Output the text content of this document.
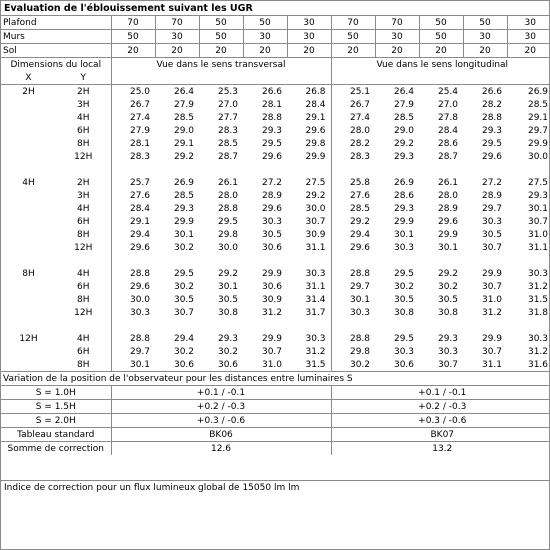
Evaluation de l'éblouissement suivant les UGR
Plafond		70	70	50	50	30	70	70	50	50	30
Murs		50	30	50	30	30	50	30	50	30	30
Sol		20	20	20	20	20	20	20	20	20	20
Dimensions du local		Vue dans le sens transversal					Vue dans le sens longitudinal				
X	Y										
2H	2H	25.0	26.4	25.3	26.6	26.8	25.1	26.4	25.4	26.6	26.9
	3H	26.7	27.9	27.0	28.1	28.4	26.7	27.9	27.0	28.2	28.5
	4H	27.4	28.5	27.7	28.8	29.1	27.4	28.5	27.8	28.8	29.1
	6H	27.9	29.0	28.3	29.3	29.6	28.0	29.0	28.4	29.3	29.7
	8H	28.1	29.1	28.5	29.5	29.8	28.2	29.2	28.6	29.5	29.9
	12H	28.3	29.2	28.7	29.6	29.9	28.3	29.3	28.7	29.6	30.0

4H	2H	25.7	26.9	26.1	27.2	27.5	25.8	26.9	26.1	27.2	27.5
	3H	27.6	28.5	28.0	28.9	29.2	27.6	28.6	28.0	28.9	29.3
	4H	28.4	29.3	28.8	29.6	30.0	28.5	29.3	28.9	29.7	30.1
	6H	29.1	29.9	29.5	30.3	30.7	29.2	29.9	29.6	30.3	30.7
	8H	29.4	30.1	29.8	30.5	30.9	29.4	30.1	29.9	30.5	31.0
	12H	29.6	30.2	30.0	30.6	31.1	29.6	30.3	30.1	30.7	31.1

8H	4H	28.8	29.5	29.2	29.9	30.3	28.8	29.5	29.2	29.9	30.3
	6H	29.6	30.2	30.1	30.6	31.1	29.7	30.2	30.2	30.7	31.2
	8H	30.0	30.5	30.5	30.9	31.4	30.1	30.5	30.5	31.0	31.5
	12H	30.3	30.7	30.8	31.2	31.7	30.3	30.8	30.8	31.2	31.8

12H	4H	28.8	29.4	29.3	29.9	30.3	28.8	29.5	29.3	29.9	30.3
	6H	29.7	30.2	30.2	30.7	31.2	29.8	30.3	30.3	30.7	31.2
	8H	30.1	30.6	30.6	31.0	31.5	30.2	30.6	30.7	31.1	31.6
Variation de la position de l'observateur pour les distances entre luminaires S											
S = 1.0H		+0.1 / -0.1					+0.1 / -0.1				
S = 1.5H		+0.2 / -0.3					+0.2 / -0.3				
S = 2.0H		+0.3 / -0.6					+0.3 / -0.6				
Tableau standard		BK06					BK07				
Somme de correction		12.6					13.2				
Indice de correction pour un flux lumineux global de 15050 lm lm
